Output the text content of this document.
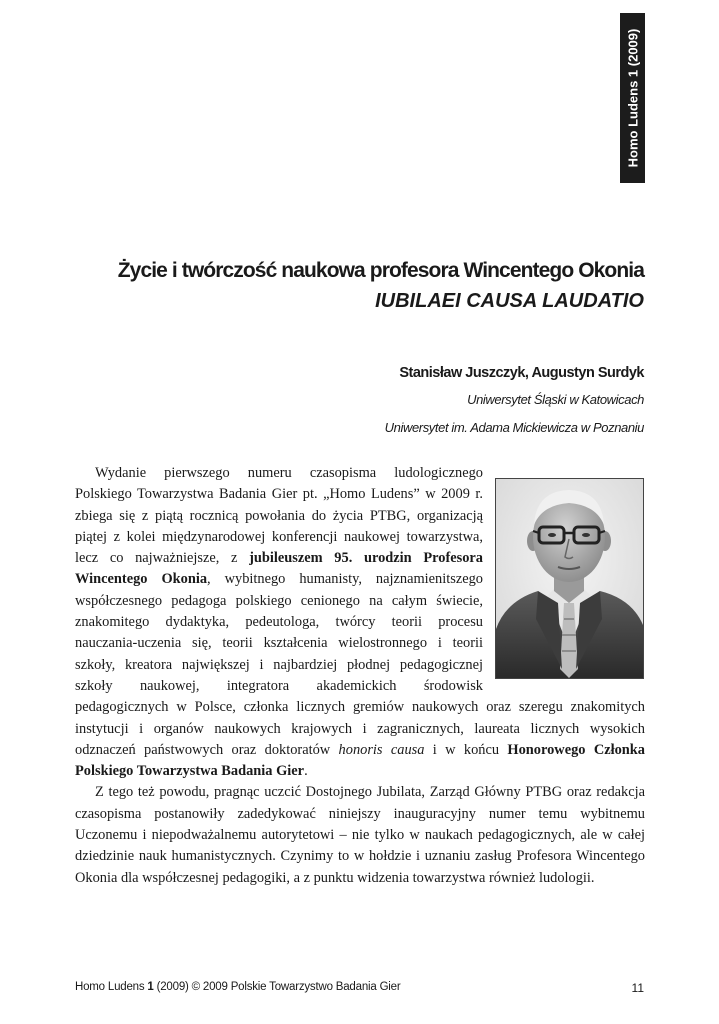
Homo Ludens 1 (2009)
Życie i twórczość naukowa profesora Wincentego Okonia
IUBILAEI CAUSA LAUDATIO

Stanisław Juszczyk, Augustyn Surdyk

Uniwersytet Śląski w Katowicach

Uniwersytet im. Adama Mickiewicza w Poznaniu

Wydanie pierwszego numeru czasopisma ludologicznego Polskiego Towarzystwa Badania Gier pt. „Homo Ludens” w 2009 r. zbiega się z piątą rocznicą powołania do życia PTBG, organizacją piątej z kolei międzynarodowej konferencji naukowej towarzystwa, lecz co najważniejsze, z jubileuszem 95. urodzin Profesora Wincentego Okonia, wybitnego humanisty, najznamienitszego współczesnego pedagoga polskiego cenionego na całym świecie, znakomitego dydaktyka, pedeutologa, twórcy teorii procesu nauczania-uczenia się, teorii kształcenia wielostronnego i teorii szkoły, kreatora największej i najbardziej płodnej pedagogicznej szkoły naukowej, integratora akademickich środowisk pedagogicznych w Polsce, członka licznych gremiów naukowych oraz szeregu znakomitych instytucji i organów naukowych krajowych i zagranicznych, laureata licznych wysokich odznaczeń państwowych oraz doktoratów honoris causa i w końcu Honorowego Członka Polskiego Towarzystwa Badania Gier.

Z tego też powodu, pragnąc uczcić Dostojnego Jubilata, Zarząd Główny PTBG oraz redakcja czasopisma postanowiły zadedykować niniejszy inauguracyjny numer temu wybitnemu Uczonemu i niepodważalnemu autorytetowi – nie tylko w naukach pedagogicznych, ale w całej dziedzinie nauk humanistycznych. Czynimy to w hołdzie i uznaniu zasług Profesora Wincentego Okonia dla współczesnej pedagogiki, a z punktu widzenia towarzystwa również ludologii.

Homo Ludens 1 (2009) © 2009 Polskie Towarzystwo Badania Gier	11
